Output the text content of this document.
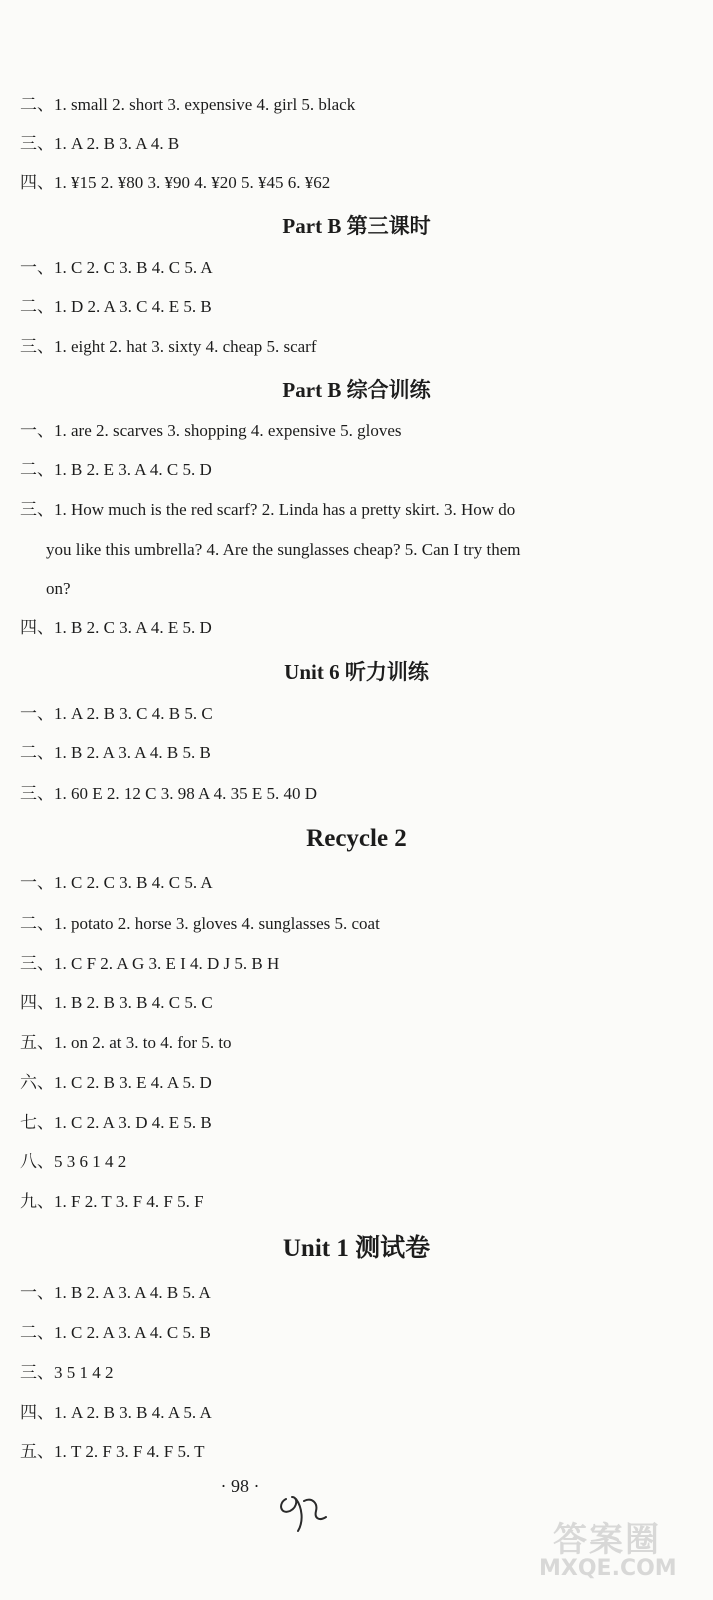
二、1. small 2. short 3. expensive 4. girl 5. black
三、1. A 2. B 3. A 4. B
四、1. ¥15 2. ¥80 3. ¥90 4. ¥20 5. ¥45 6. ¥62
Part B 第三课时
一、1. C 2. C 3. B 4. C 5. A
二、1. D 2. A 3. C 4. E 5. B
三、1. eight 2. hat 3. sixty 4. cheap 5. scarf
Part B 综合训练
一、1. are 2. scarves 3. shopping 4. expensive 5. gloves
二、1. B 2. E 3. A 4. C 5. D
三、1. How much is the red scarf? 2. Linda has a pretty skirt. 3. How do
you like this umbrella? 4. Are the sunglasses cheap? 5. Can I try them
on?
四、1. B 2. C 3. A 4. E 5. D
Unit 6 听力训练
一、1. A 2. B 3. C 4. B 5. C
二、1. B 2. A 3. A 4. B 5. B
三、1. 60 E 2. 12 C 3. 98 A 4. 35 E 5. 40 D
Recycle 2
一、1. C 2. C 3. B 4. C 5. A
二、1. potato 2. horse 3. gloves 4. sunglasses 5. coat
三、1. C F 2. A G 3. E I 4. D J 5. B H
四、1. B 2. B 3. B 4. C 5. C
五、1. on 2. at 3. to 4. for 5. to
六、1. C 2. B 3. E 4. A 5. D
七、1. C 2. A 3. D 4. E 5. B
八、5 3 6 1 4 2
九、1. F 2. T 3. F 4. F 5. F
Unit 1 测试卷
一、1. B 2. A 3. A 4. B 5. A
二、1. C 2. A 3. A 4. C 5. B
三、3 5 1 4 2
四、1. A 2. B 3. B 4. A 5. A
五、1. T 2. F 3. F 4. F 5. T
· 98 ·
答案圈
MXQE.COM
